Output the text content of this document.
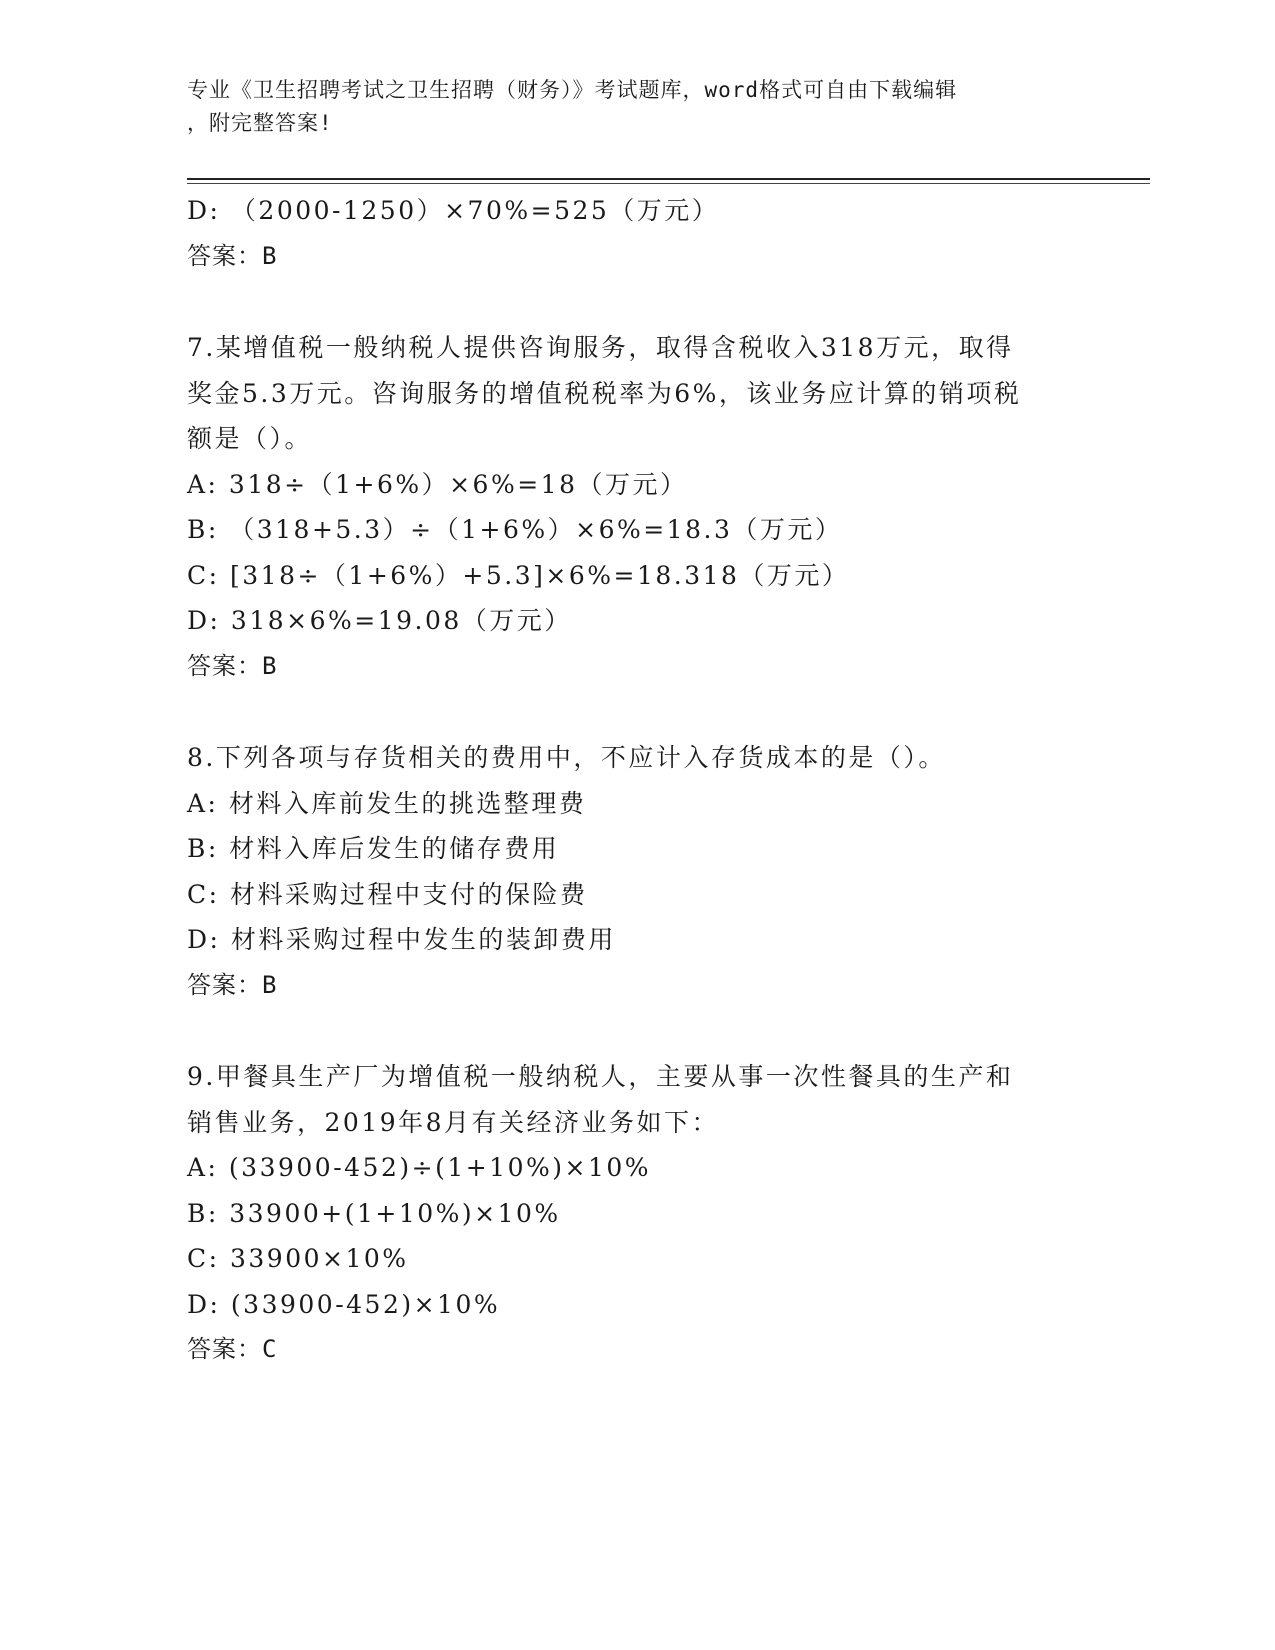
专业《卫生招聘考试之卫生招聘（财务）》考试题库，word格式可自由下载编辑
，附完整答案!
D: （2000-1250）×70%=525（万元）
答案：B
7.某增值税一般纳税人提供咨询服务，取得含税收入318万元，取得
奖金5.3万元。咨询服务的增值税税率为6%，该业务应计算的销项税
额是（）。
A: 318÷（1+6%）×6%=18（万元）
B: （318+5.3）÷（1+6%）×6%=18.3（万元）
C: [318÷（1+6%）+5.3]×6%=18.318（万元）
D: 318×6%=19.08（万元）
答案：B
8.下列各项与存货相关的费用中，不应计入存货成本的是（）。
A: 材料入库前发生的挑选整理费
B: 材料入库后发生的储存费用
C: 材料采购过程中支付的保险费
D: 材料采购过程中发生的装卸费用
答案：B
9.甲餐具生产厂为增值税一般纳税人，主要从事一次性餐具的生产和
销售业务，2019年8月有关经济业务如下：
A: (33900-452)÷(1+10%)×10%
B: 33900+(1+10%)×10%
C: 33900×10%
D: (33900-452)×10%
答案：C
